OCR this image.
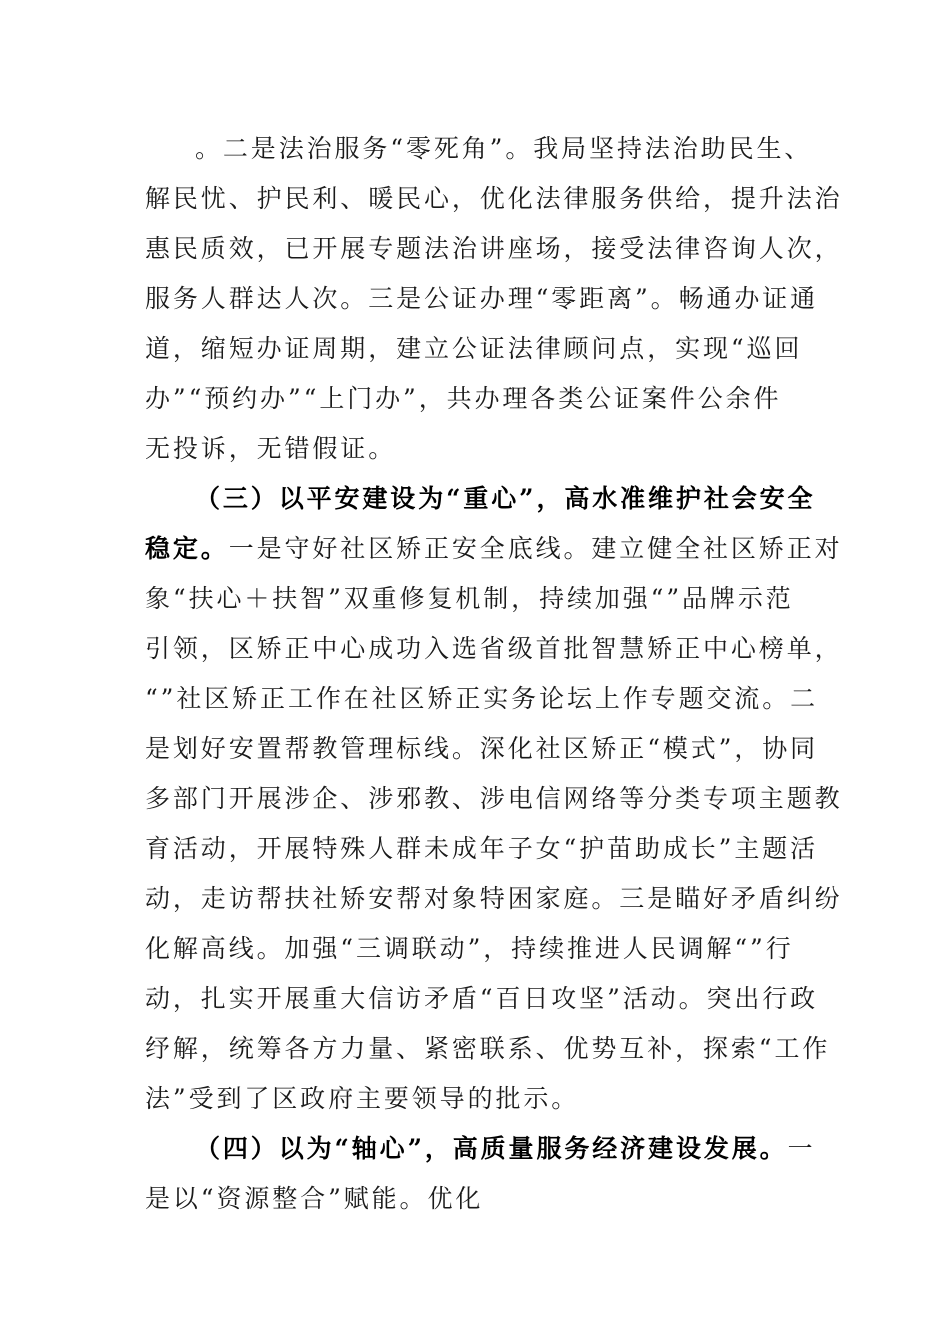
。二是法治服务“零死角”。我局坚持法治助民生、
解民忧、护民利、暖民心，优化法律服务供给，提升法治
惠民质效，已开展专题法治讲座场，接受法律咨询人次，
服务人群达人次。三是公证办理“零距离”。畅通办证通
道，缩短办证周期，建立公证法律顾问点，实现“巡回
办”“预约办”“上门办”，共办理各类公证案件公余件
无投诉，无错假证。
（三）以平安建设为“重心”，高水准维护社会安全
稳定。一是守好社区矫正安全底线。建立健全社区矫正对
象“扶心＋扶智”双重修复机制，持续加强“”品牌示范
引领，区矫正中心成功入选省级首批智慧矫正中心榜单，
“”社区矫正工作在社区矫正实务论坛上作专题交流。二
是划好安置帮教管理标线。深化社区矫正“模式”，协同
多部门开展涉企、涉邪教、涉电信网络等分类专项主题教
育活动，开展特殊人群未成年子女“护苗助成长”主题活
动，走访帮扶社矫安帮对象特困家庭。三是瞄好矛盾纠纷
化解高线。加强“三调联动”，持续推进人民调解“”行
动，扎实开展重大信访矛盾“百日攻坚”活动。突出行政
纾解，统筹各方力量、紧密联系、优势互补，探索“工作
法”受到了区政府主要领导的批示。
（四）以为“轴心”，高质量服务经济建设发展。一
是以“资源整合”赋能。优化
